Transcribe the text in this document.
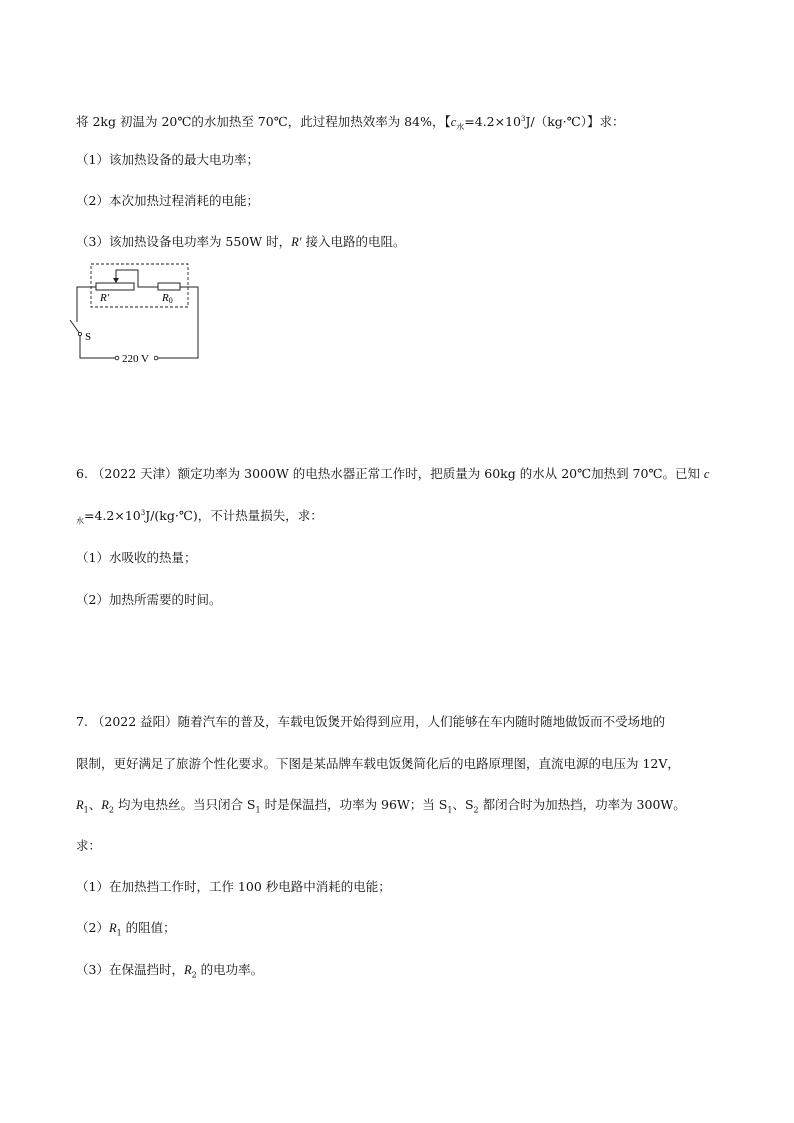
将 2kg 初温为 20℃的水加热至 70℃，此过程加热效率为 84%，【$c_水=4.2\times 10^3J/(kg\cdot℃)$】求：
（1）该加热设备的最大电功率；
（2）本次加热过程消耗的电能；
（3）该加热设备电功率为 550W 时，R′ 接入电路的电阻。
R′	R0
S
220 V
6. （2022 天津）额定功率为 3000W 的电热水器正常工作时，把质量为 60kg 的水从 20℃加热到 70℃。已知 c
$_水=4.2\times 10^3J/(kg\cdot℃)$，不计热量损失，求：
（1）水吸收的热量；
（2）加热所需要的时间。
7. （2022 益阳）随着汽车的普及，车载电饭煲开始得到应用，人们能够在车内随时随地做饭而不受场地的
限制，更好满足了旅游个性化要求。下图是某品牌车载电饭煲简化后的电路原理图，直流电源的电压为 12V，
$R_1$、$R_2$ 均为电热丝。当只闭合 $S_1$ 时是保温挡，功率为 96W；当 $S_1$、$S_2$ 都闭合时为加热挡，功率为 300W。
求：
（1）在加热挡工作时，工作 100 秒电路中消耗的电能；
$(2)R_1$ 的阻值；
（3）在保温挡时，$R_2$ 的电功率。
